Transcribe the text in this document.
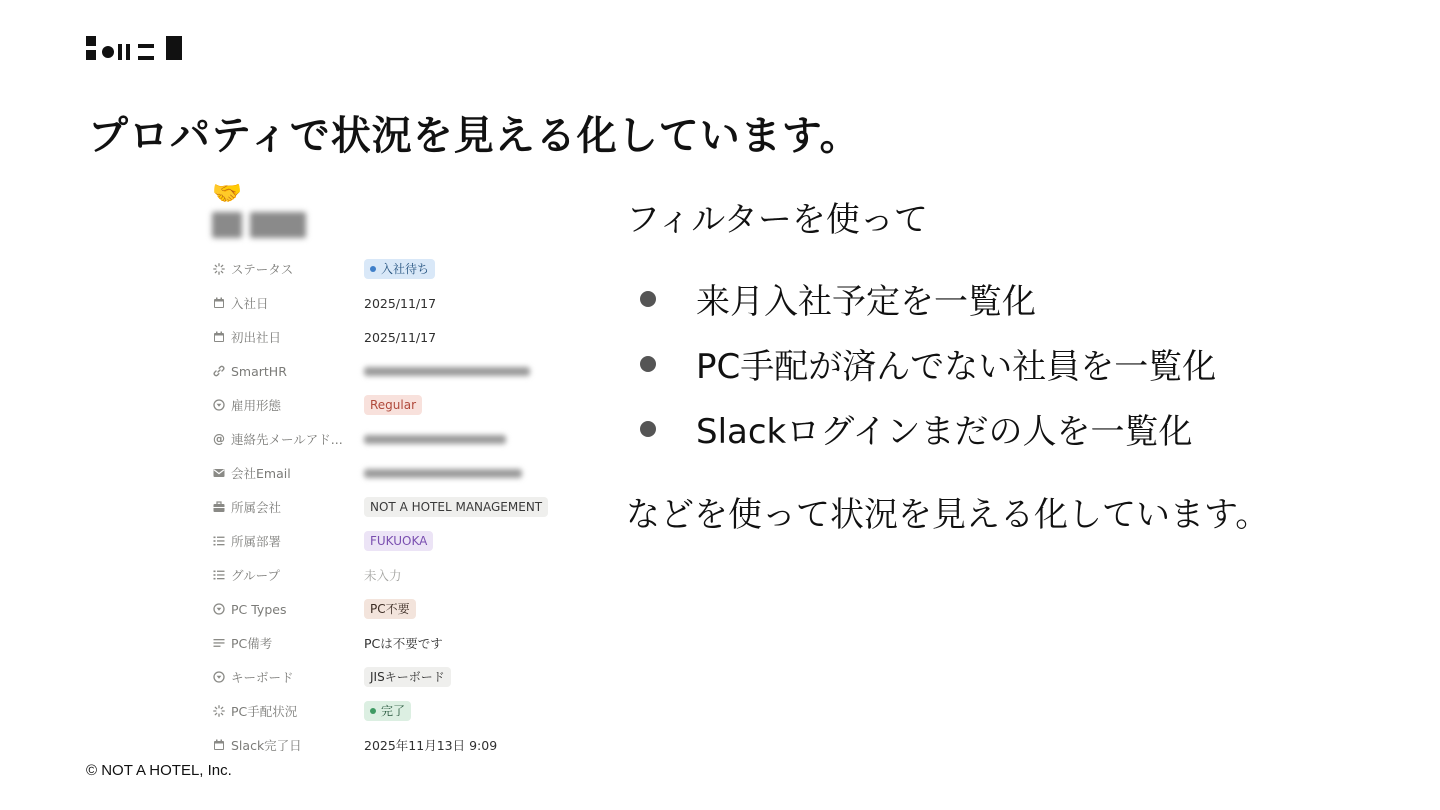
プロパティで状況を見える化しています。
🤝
ステータス	入社待ち
入社日	2025/11/17
初出社日	2025/11/17
SmartHR
雇用形態	Regular
@ 連絡先メールアド...
会社Email
所属会社	NOT A HOTEL MANAGEMENT
所属部署	FUKUOKA
グループ	未入力
PC Types	PC不要
PC備考	PCは不要です
キーボード	JISキーボード
PC手配状況	完了
Slack完了日	2025年11月13日 9:09
フィルターを使って
来月入社予定を一覧化
PC手配が済んでない社員を一覧化
Slackログインまだの人を一覧化
などを使って状況を見える化しています。
© NOT A HOTEL, Inc.
